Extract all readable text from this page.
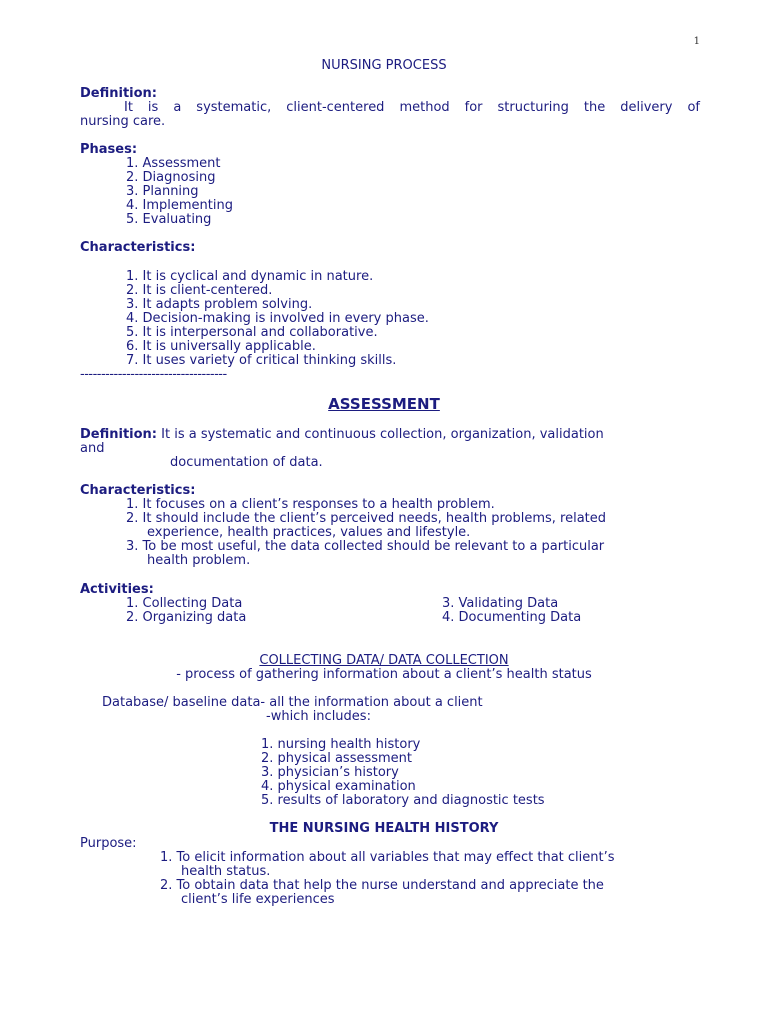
1
NURSING PROCESS
Definition:
It is a systematic, client-centered method for structuring the delivery of
nursing care.
Phases:
1. Assessment
2. Diagnosing
3. Planning
4. Implementing
5. Evaluating
Characteristics:
1. It is cyclical and dynamic in nature.
2. It is client-centered.
3. It adapts problem solving.
4. Decision-making is involved in every phase.
5. It is interpersonal and collaborative.
6. It is universally applicable.
7. It uses variety of critical thinking skills.
-----------------------------------
ASSESSMENT
Definition: It is a systematic and continuous collection, organization, validation
and
documentation of data.
Characteristics:
1. It focuses on a client’s responses to a health problem.
2. It should include the client’s perceived needs, health problems, related
experience, health practices, values and lifestyle.
3. To be most useful, the data collected should be relevant to a particular
health problem.
Activities:
1. Collecting Data
2. Organizing data
3. Validating Data
4. Documenting Data
COLLECTING DATA/ DATA COLLECTION
- process of gathering information about a client’s health status
Database/ baseline data- all the information about a client
-which includes:
1. nursing health history
2. physical assessment
3. physician’s history
4. physical examination
5. results of laboratory and diagnostic tests
THE NURSING HEALTH HISTORY
Purpose:
1. To elicit information about all variables that may effect that client’s
health status.
2. To obtain data that help the nurse understand and appreciate the
client’s life experiences
